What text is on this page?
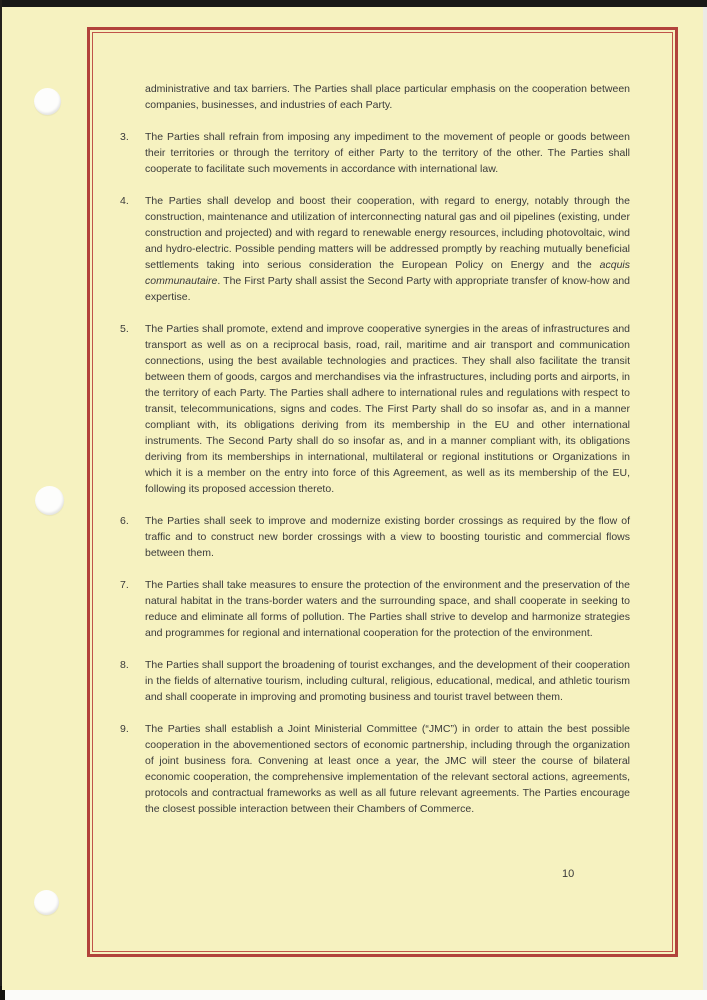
administrative and tax barriers. The Parties shall place particular emphasis on the cooperation between companies, businesses, and industries of each Party.
3. The Parties shall refrain from imposing any impediment to the movement of people or goods between their territories or through the territory of either Party to the territory of the other. The Parties shall cooperate to facilitate such movements in accordance with international law.
4. The Parties shall develop and boost their cooperation, with regard to energy, notably through the construction, maintenance and utilization of interconnecting natural gas and oil pipelines (existing, under construction and projected) and with regard to renewable energy resources, including photovoltaic, wind and hydro-electric. Possible pending matters will be addressed promptly by reaching mutually beneficial settlements taking into serious consideration the European Policy on Energy and the acquis communautaire. The First Party shall assist the Second Party with appropriate transfer of know-how and expertise.
5. The Parties shall promote, extend and improve cooperative synergies in the areas of infrastructures and transport as well as on a reciprocal basis, road, rail, maritime and air transport and communication connections, using the best available technologies and practices. They shall also facilitate the transit between them of goods, cargos and merchandises via the infrastructures, including ports and airports, in the territory of each Party. The Parties shall adhere to international rules and regulations with respect to transit, telecommunications, signs and codes. The First Party shall do so insofar as, and in a manner compliant with, its obligations deriving from its membership in the EU and other international instruments. The Second Party shall do so insofar as, and in a manner compliant with, its obligations deriving from its memberships in international, multilateral or regional institutions or Organizations in which it is a member on the entry into force of this Agreement, as well as its membership of the EU, following its proposed accession thereto.
6. The Parties shall seek to improve and modernize existing border crossings as required by the flow of traffic and to construct new border crossings with a view to boosting touristic and commercial flows between them.
7. The Parties shall take measures to ensure the protection of the environment and the preservation of the natural habitat in the trans-border waters and the surrounding space, and shall cooperate in seeking to reduce and eliminate all forms of pollution. The Parties shall strive to develop and harmonize strategies and programmes for regional and international cooperation for the protection of the environment.
8. The Parties shall support the broadening of tourist exchanges, and the development of their cooperation in the fields of alternative tourism, including cultural, religious, educational, medical, and athletic tourism and shall cooperate in improving and promoting business and tourist travel between them.
9. The Parties shall establish a Joint Ministerial Committee (“JMC”) in order to attain the best possible cooperation in the abovementioned sectors of economic partnership, including through the organization of joint business fora. Convening at least once a year, the JMC will steer the course of bilateral economic cooperation, the comprehensive implementation of the relevant sectoral actions, agreements, protocols and contractual frameworks as well as all future relevant agreements. The Parties encourage the closest possible interaction between their Chambers of Commerce.
10
